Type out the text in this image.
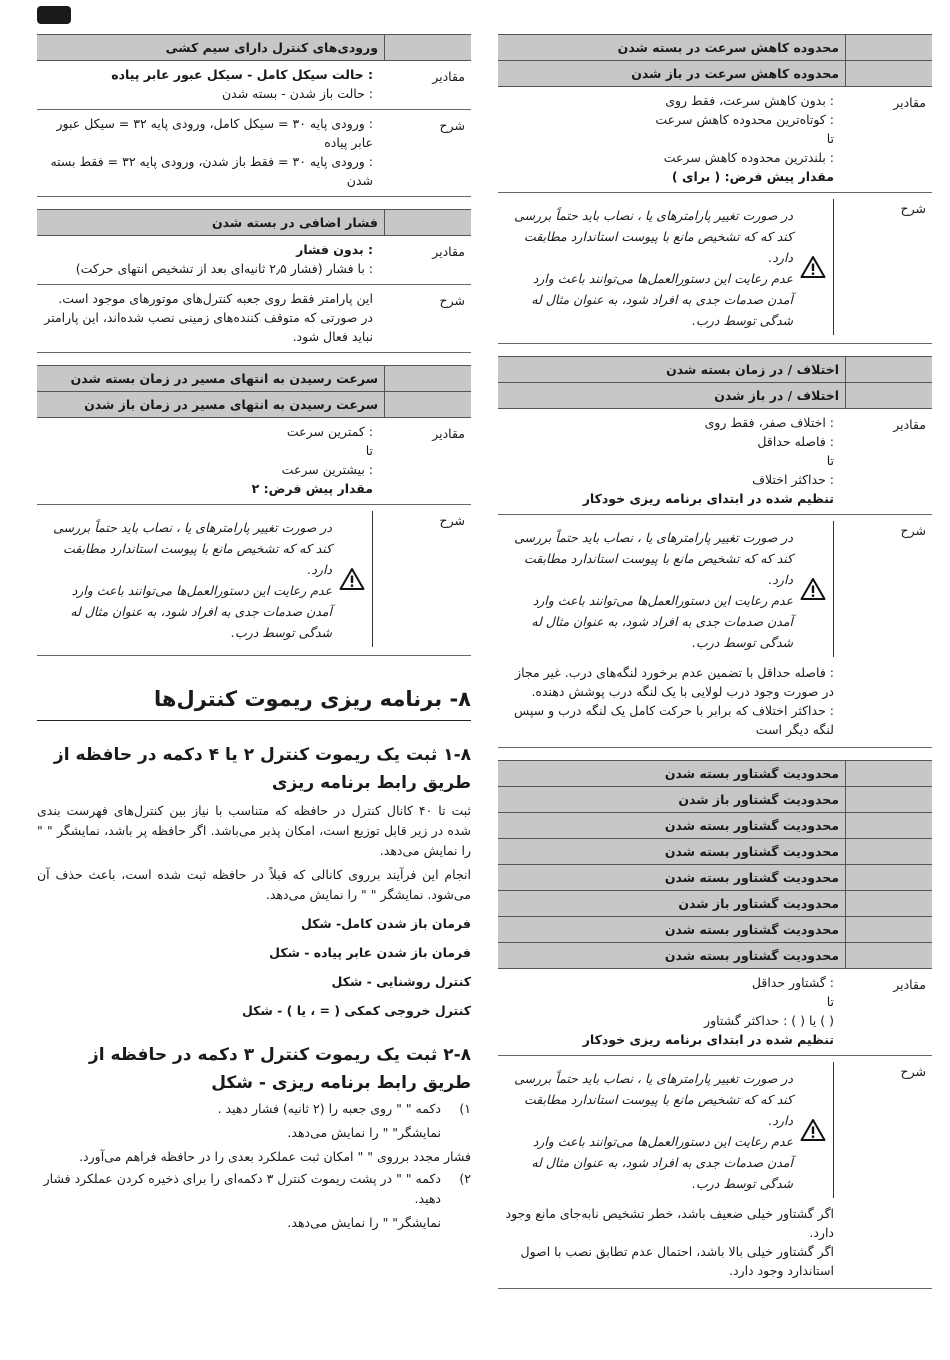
محدوده کاهش سرعت در بسته شدن
محدوده کاهش سرعت در باز شدن
مقادیر

: بدون کاهش سرعت، فقط روی

: کوتاه‌ترین محدوده کاهش سرعت

تا

: بلندترین محدوده کاهش سرعت

مقدار پیش فرض: ( برای )

شرح

در صورت تغییر پارامترهای یا ، نصاب باید حتماً بررسی کند که که تشخیص مانع با پیوست استاندارد مطابقت دارد.

عدم رعایت این دستورالعمل‌ها می‌توانند باعث وارد آمدن صدمات جدی به افراد شود، به عنوان مثال له شدگی توسط درب.

اختلاف / در زمان بسته شدن
اختلاف / در باز شدن
مقادیر

: اختلاف صفر، فقط روی

: فاصله حداقل

تا

: حداکثر اختلاف

تنظیم شده در ابتدای برنامه ریزی خودکار

شرح

در صورت تغییر پارامترهای یا ، نصاب باید حتماً بررسی کند که که تشخیص مانع با پیوست استاندارد مطابقت دارد.

عدم رعایت این دستورالعمل‌ها می‌توانند باعث وارد آمدن صدمات جدی به افراد شود، به عنوان مثال له شدگی توسط درب.

: فاصله حداقل با تضمین عدم برخورد لنگه‌های درب. غیر مجاز در صورت وجود درب لولایی با یک لنگه درب پوشش دهنده.

: حداکثر اختلاف که برابر با حرکت کامل یک لنگه درب و سپس لنگه دیگر است

محدودیت گشتاور بسته شدن
محدودیت گشتاور باز شدن
محدودیت گشتاور بسته شدن
محدودیت گشتاور بسته شدن
محدودیت گشتاور بسته شدن
محدودیت گشتاور باز شدن
محدودیت گشتاور بسته شدن
محدودیت گشتاور بسته شدن
مقادیر

: گشتاور حداقل

تا

( ) یا ( ) : حداکثر گشتاور

تنظیم شده در ابتدای برنامه ریزی خودکار

شرح

در صورت تغییر پارامترهای یا ، نصاب باید حتماً بررسی کند که که تشخیص مانع با پیوست استاندارد مطابقت دارد.

عدم رعایت این دستورالعمل‌ها می‌توانند باعث وارد آمدن صدمات جدی به افراد شود، به عنوان مثال له شدگی توسط درب.

اگر گشتاور خیلی ضعیف باشد، خطر تشخیص نابه‌جای مانع وجود دارد.

اگر گشتاور خیلی بالا باشد، احتمال عدم تطابق نصب با اصول استاندارد وجود دارد.

ورودی‌های کنترل دارای سیم کشی
مقادیر

: حالت سیکل کامل - سیکل عبور عابر پیاده

: حالت باز شدن - بسته شدن

شرح

: ورودی پایه ۳۰ = سیکل کامل، ورودی پایه ۳۲ = سیکل عبور عابر پیاده

: ورودی پایه ۳۰ = فقط باز شدن، ورودی پایه ۳۲ = فقط بسته شدن

فشار اضافی در بسته شدن
مقادیر

: بدون فشار

: با فشار (فشار ۲٫۵ ثانیه‌ای بعد از تشخیص انتهای حرکت)

شرح

این پارامتر فقط روی جعبه کنترل‌های موتورهای موجود است.

در صورتی که متوقف کننده‌های زمینی نصب شده‌اند، این پارامتر نباید فعال شود.

سرعت رسیدن به انتهای مسیر در زمان بسته شدن
سرعت رسیدن به انتهای مسیر در زمان باز شدن
مقادیر

: کمترین سرعت

تا

: بیشترین سرعت

مقدار پیش فرض: ۲

شرح

در صورت تغییر پارامترهای یا ، نصاب باید حتماً بررسی کند که که تشخیص مانع با پیوست استاندارد مطابقت دارد.

عدم رعایت این دستورالعمل‌ها می‌توانند باعث وارد آمدن صدمات جدی به افراد شود، به عنوان مثال له شدگی توسط درب.

۸- برنامه ریزی ریموت کنترل‌ها
۱-۸ ثبت یک ریموت کنترل ۲ یا ۴ دکمه در حافظه از طریق رابط برنامه ریزی
ثبت تا ۴۰ کانال کنترل در حافظه که متناسب با نیاز بین کنترل‌های فهرست بندی شده در زیر قابل توزیع است، امکان پذیر می‌باشد. اگر حافظه پر باشد، نمایشگر " " را نمایش می‌دهد.
انجام این فرآیند برروی کانالی که قبلاً در حافظه ثبت شده است، باعث حذف آن می‌شود. نمایشگر " " را نمایش می‌دهد.
فرمان باز شدن کامل- شکل
فرمان باز شدن عابر پیاده - شکل
کنترل روشنایی - شکل
کنترل خروجی کمکی ( = ، یا ) - شکل
۲-۸ ثبت یک ریموت کنترل ۳ دکمه در حافظه از طریق رابط برنامه ریزی - شکل
۱)
دکمه " " روی جعبه را (۲ ثانیه) فشار دهید .
نمایشگر" " را نمایش می‌دهد.
فشار مجدد برروی " " امکان ثبت عملکرد بعدی را در حافظه فراهم می‌آورد.
۲)
دکمه " " در پشت ریموت کنترل ۳ دکمه‌ای را برای ذخیره کردن عملکرد فشار دهید.
نمایشگر" " را نمایش می‌دهد.
